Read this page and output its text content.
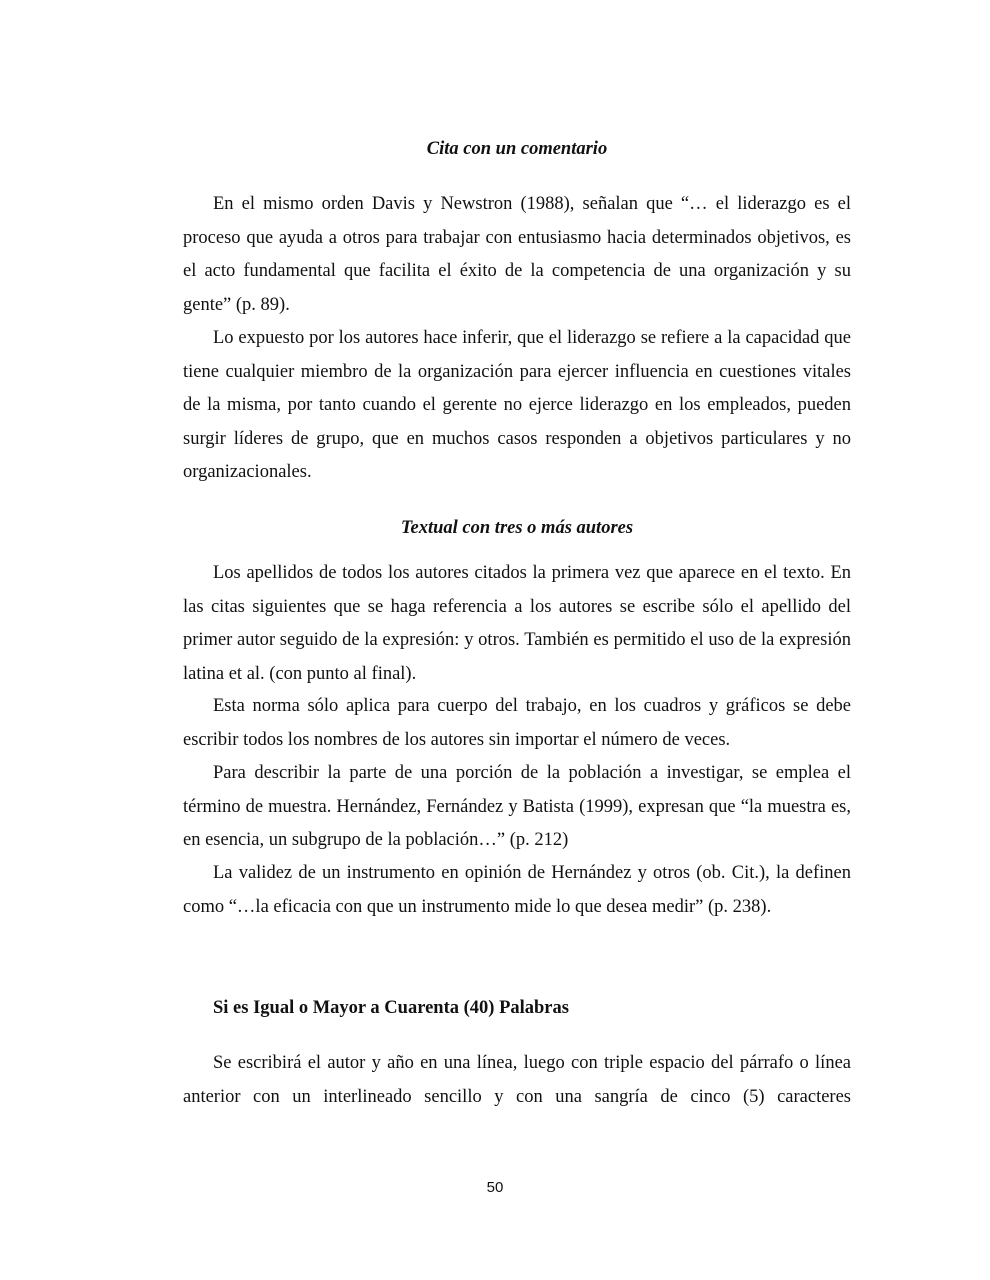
Cita con un comentario

En el mismo orden Davis y Newstron (1988), señalan que “… el liderazgo es el proceso que ayuda a otros para trabajar con entusiasmo hacia determinados objetivos, es el acto fundamental que facilita el éxito de la competencia de una organización y su gente” (p. 89).

Lo expuesto por los autores hace inferir, que el liderazgo se refiere a la capacidad que tiene cualquier miembro de la organización para ejercer influencia en cuestiones vitales de la misma, por tanto cuando el gerente no ejerce liderazgo en los empleados, pueden surgir líderes de grupo, que en muchos casos responden a objetivos particulares y no organizacionales.

Textual con tres o más autores

Los apellidos de todos los autores citados la primera vez que aparece en el texto. En las citas siguientes que se haga referencia a los autores se escribe sólo el apellido del primer autor seguido de la expresión: y otros. También es permitido el uso de la expresión latina et al. (con punto al final).

Esta norma sólo aplica para cuerpo del trabajo, en los cuadros y gráficos se debe escribir todos los nombres de los autores sin importar el número de veces.

Para describir la parte de una porción de la población a investigar, se emplea el término de muestra. Hernández, Fernández y Batista (1999), expresan que “la muestra es, en esencia, un subgrupo de la población…” (p. 212)

La validez de un instrumento en opinión de Hernández y otros (ob. Cit.), la definen como “…la eficacia con que un instrumento mide lo que desea medir” (p. 238).

Si es Igual o Mayor a Cuarenta (40) Palabras

Se escribirá el autor y año en una línea, luego con triple espacio del párrafo o línea anterior con un interlineado sencillo y con una sangría de cinco (5) caracteres

50
